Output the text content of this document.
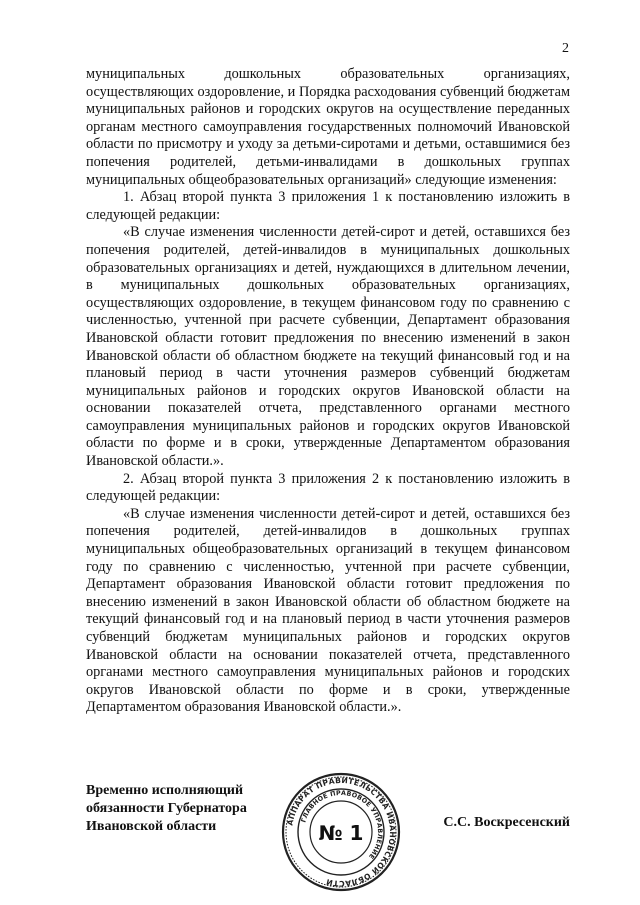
2

муниципальных дошкольных образовательных организациях, осуществляющих оздоровление, и Порядка расходования субвенций бюджетам муниципальных районов и городских округов на осуществление переданных органам местного самоуправления государственных полномочий Ивановской области по присмотру и уходу за детьми-сиротами и детьми, оставшимися без попечения родителей, детьми-инвалидами в дошкольных группах муниципальных общеобразовательных организаций» следующие изменения:

1. Абзац второй пункта 3 приложения 1 к постановлению изложить в следующей редакции:

«В случае изменения численности детей-сирот и детей, оставшихся без попечения родителей, детей-инвалидов в муниципальных дошкольных образовательных организациях и детей, нуждающихся в длительном лечении, в муниципальных дошкольных образовательных организациях, осуществляющих оздоровление, в текущем финансовом году по сравнению с численностью, учтенной при расчете субвенции, Департамент образования Ивановской области готовит предложения по внесению изменений в закон Ивановской области об областном бюджете на текущий финансовый год и на плановый период в части уточнения размеров субвенций бюджетам муниципальных районов и городских округов Ивановской области на основании показателей отчета, представленного органами местного самоуправления муниципальных районов и городских округов Ивановской области по форме и в сроки, утвержденные Департаментом образования Ивановской области.».

2. Абзац второй пункта 3 приложения 2 к постановлению изложить в следующей редакции:

«В случае изменения численности детей-сирот и детей, оставшихся без попечения родителей, детей-инвалидов в дошкольных группах муниципальных общеобразовательных организаций в текущем финансовом году по сравнению с численностью, учтенной при расчете субвенции, Департамент образования Ивановской области готовит предложения по внесению изменений в закон Ивановской области об областном бюджете на текущий финансовый год и на плановый период в части уточнения размеров субвенций бюджетам муниципальных районов и городских округов Ивановской области на основании показателей отчета, представленного органами местного самоуправления муниципальных районов и городских округов Ивановской области по форме и в сроки, утвержденные Департаментом образования Ивановской области.».

Временно исполняющий
обязанности Губернатора
Ивановской области	АППАРАТ ПРАВИТЕЛЬСТВА ИВАНОВСКОЙ ОБЛАСТИ
ГЛАВНОЕ ПРАВОВОЕ УПРАВЛЕНИЕ
№ 1	С.С. Воскресенский
